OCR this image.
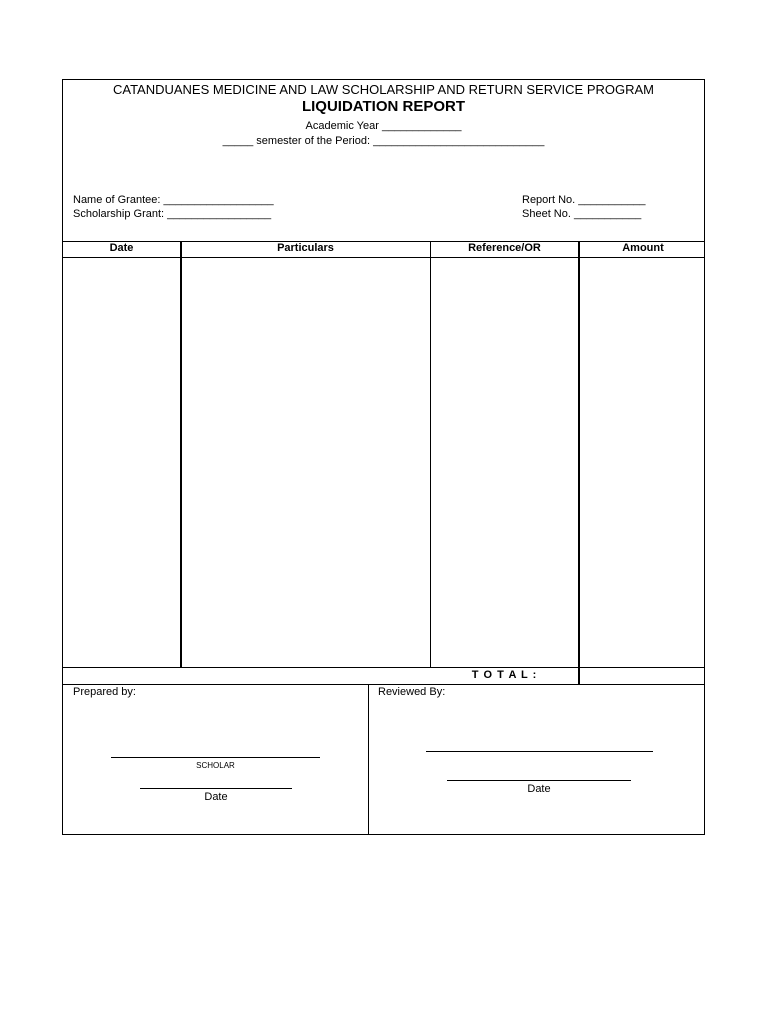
CATANDUANES MEDICINE AND LAW SCHOLARSHIP AND RETURN SERVICE PROGRAM
LIQUIDATION REPORT
Academic Year _____________
_____ semester of the Period: ____________________________
Name of Grantee: __________________
Scholarship Grant: _________________
Report No. ___________
Sheet No. ___________
Date	Particulars	Reference/OR	Amount
T O T A L :
Prepared by:
SCHOLAR
Date
Reviewed By:
Date
